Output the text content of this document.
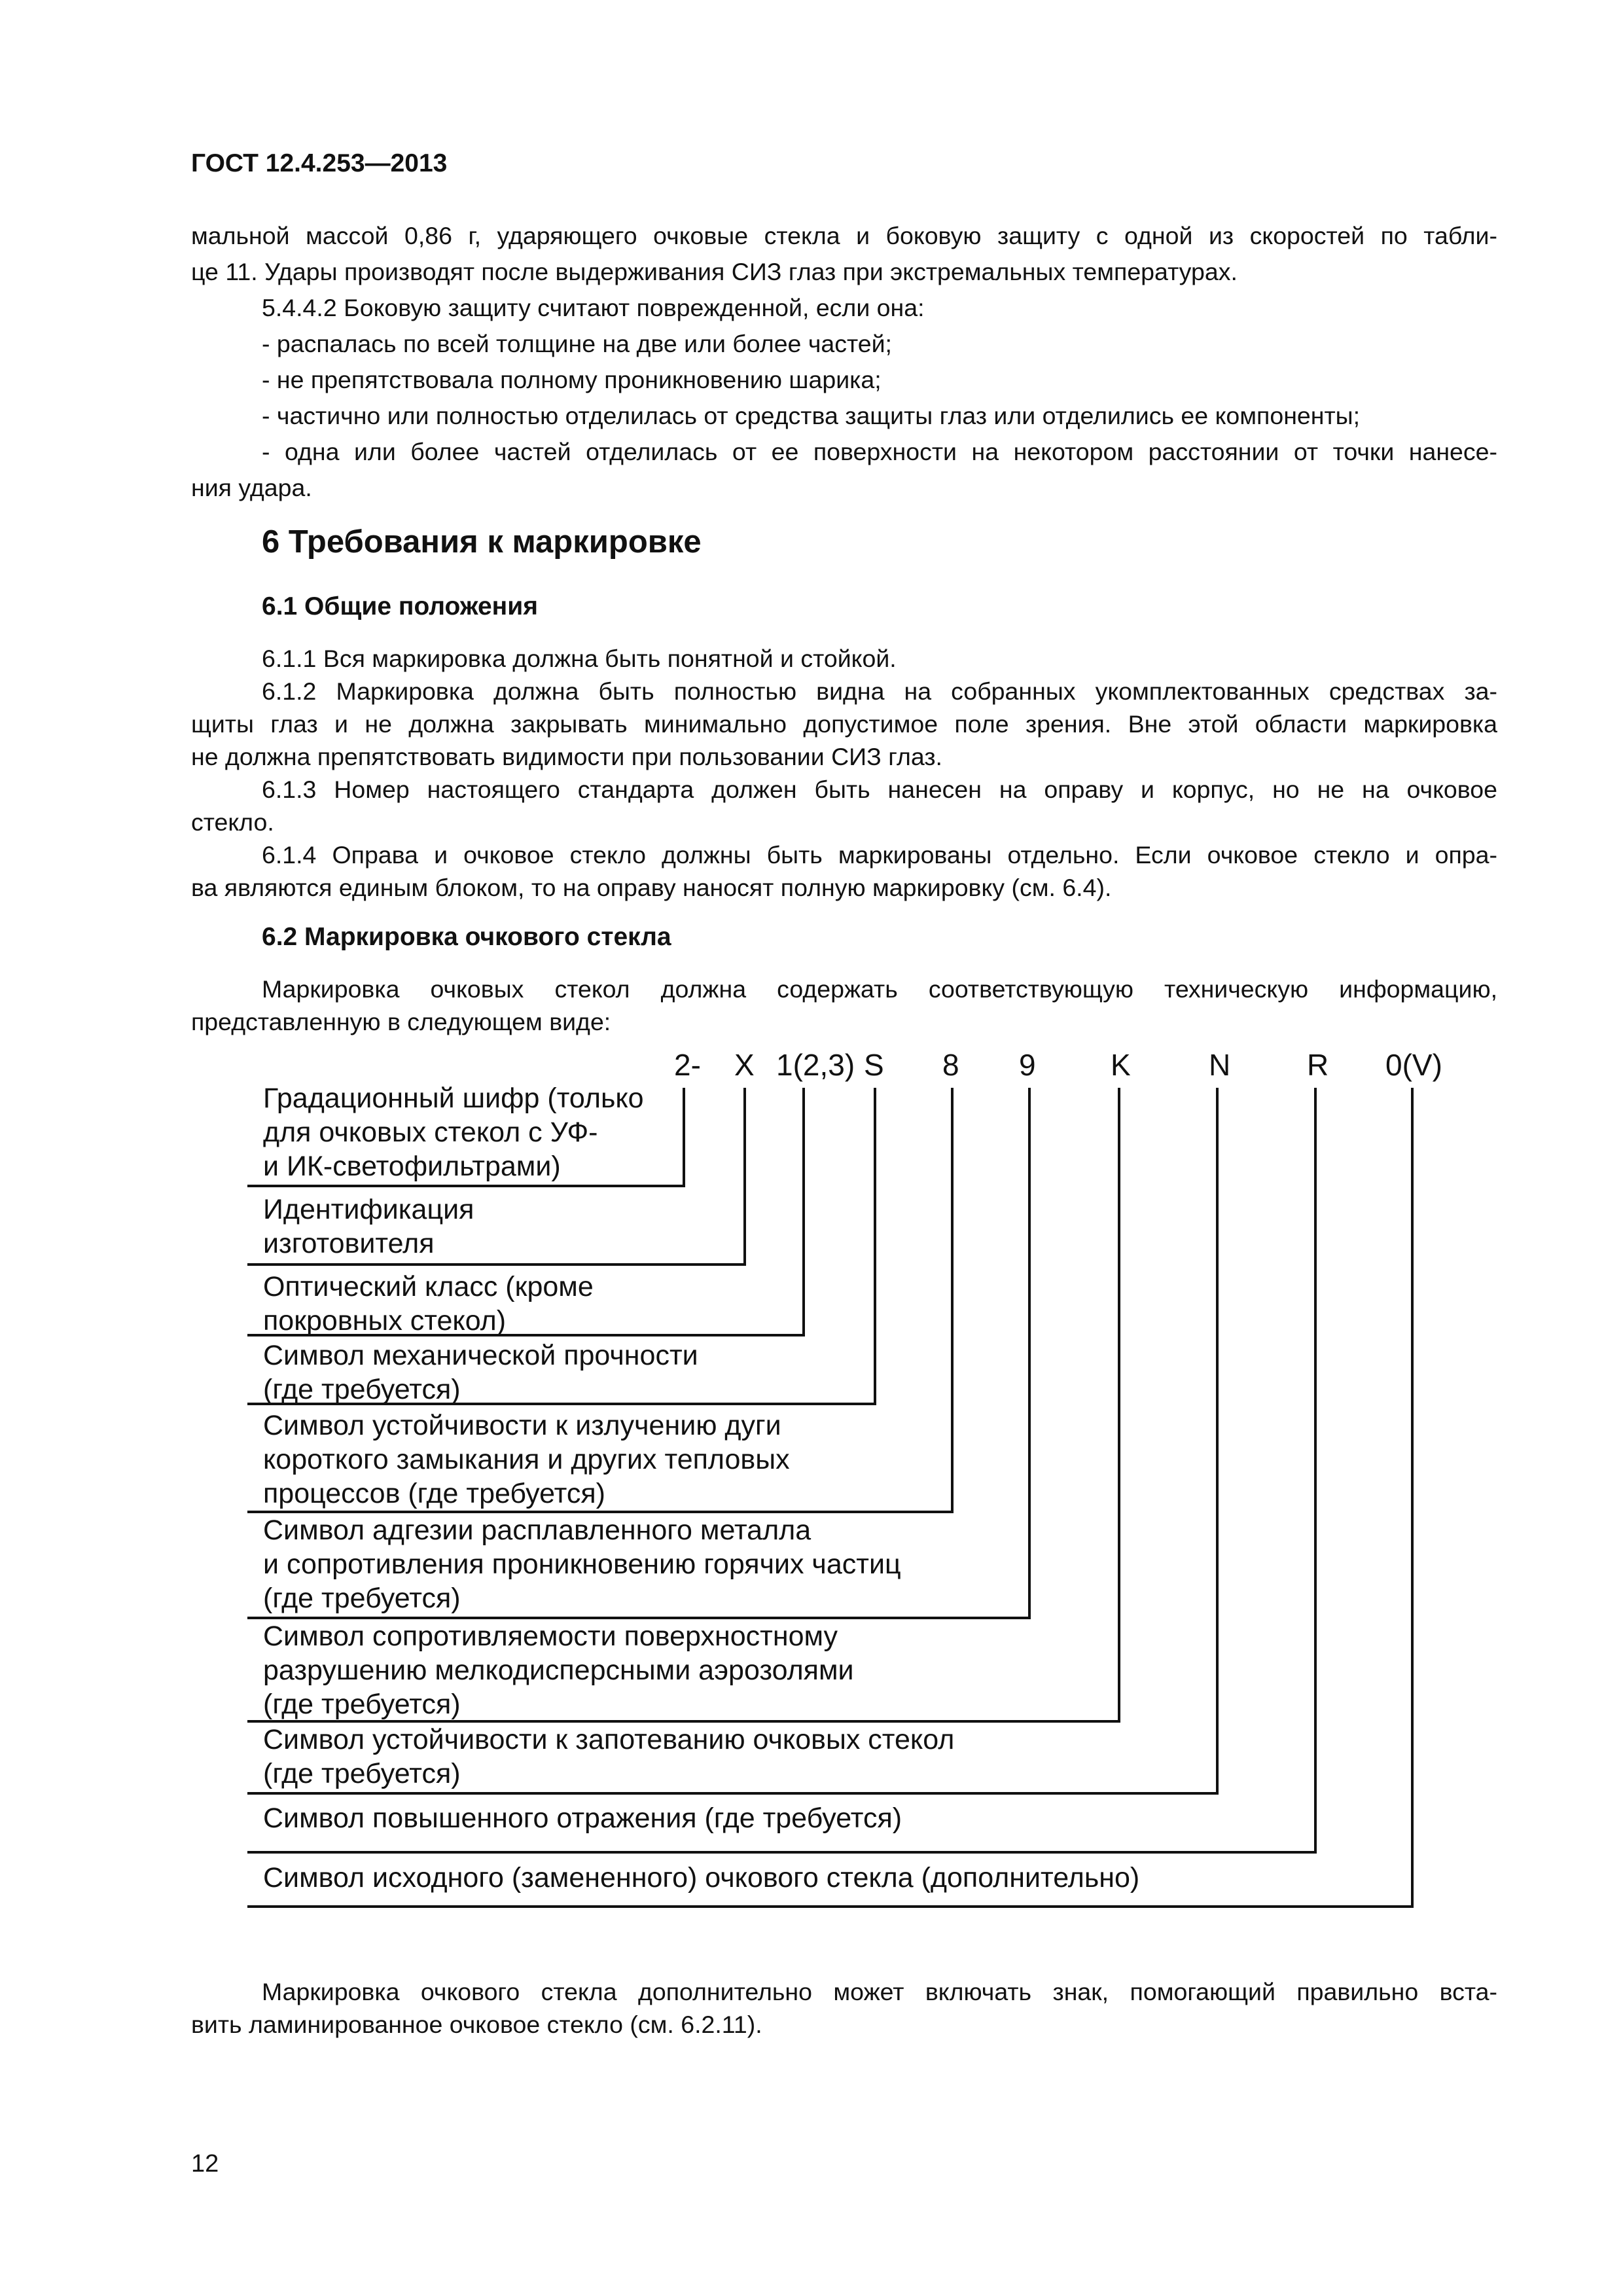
ГОСТ 12.4.253—2013
мальной массой 0,86 г, ударяющего очковые стекла и боковую защиту с одной из скоростей по табли-
це 11. Удары производят после выдерживания СИЗ глаз при экстремальных температурах.
5.4.4.2 Боковую защиту считают поврежденной, если она:
- распалась по всей толщине на две или более частей;
- не препятствовала полному проникновению шарика;
- частично или полностью отделилась от средства защиты глаз или отделились ее компоненты;
- одна или более частей отделилась от ее поверхности на некотором расстоянии от точки нанесе-
ния удара.
6 Требования к маркировке
6.1 Общие положения
6.1.1 Вся маркировка должна быть понятной и стойкой.
6.1.2 Маркировка должна быть полностью видна на собранных укомплектованных средствах за-
щиты глаз и не должна закрывать минимально допустимое поле зрения. Вне этой области маркировка
не должна препятствовать видимости при пользовании СИЗ глаз.
6.1.3 Номер настоящего стандарта должен быть нанесен на оправу и корпус, но не на очковое
стекло.
6.1.4 Оправа и очковое стекло должны быть маркированы отдельно. Если очковое стекло и опра-
ва являются единым блоком, то на оправу наносят полную маркировку (см. 6.4).
6.2 Маркировка очкового стекла
Маркировка очковых стекол должна содержать соответствующую техническую информацию,
представленную в следующем виде:
2- X 1(2,3) S 8 9 K	N	R 0(V)
Градационный шифр (только
для очковых стекол с УФ-
и ИК-светофильтрами)
Идентификация
изготовителя
Оптический класс (кроме
покровных стекол)
Символ механической прочности
(где требуется)
Символ устойчивости к излучению дуги
короткого замыкания и других тепловых
процессов (где требуется)
Символ адгезии расплавленного металла
и сопротивления проникновению горячих частиц
(где требуется)
Символ сопротивляемости поверхностному
разрушению мелкодисперсными аэрозолями
(где требуется)
Символ устойчивости к запотеванию очковых стекол
(где требуется)
Символ повышенного отражения (где требуется)
Символ исходного (замененного) очкового стекла (дополнительно)
Маркировка очкового стекла дополнительно может включать знак, помогающий правильно вста-
вить ламинированное очковое стекло (см. 6.2.11).
12
